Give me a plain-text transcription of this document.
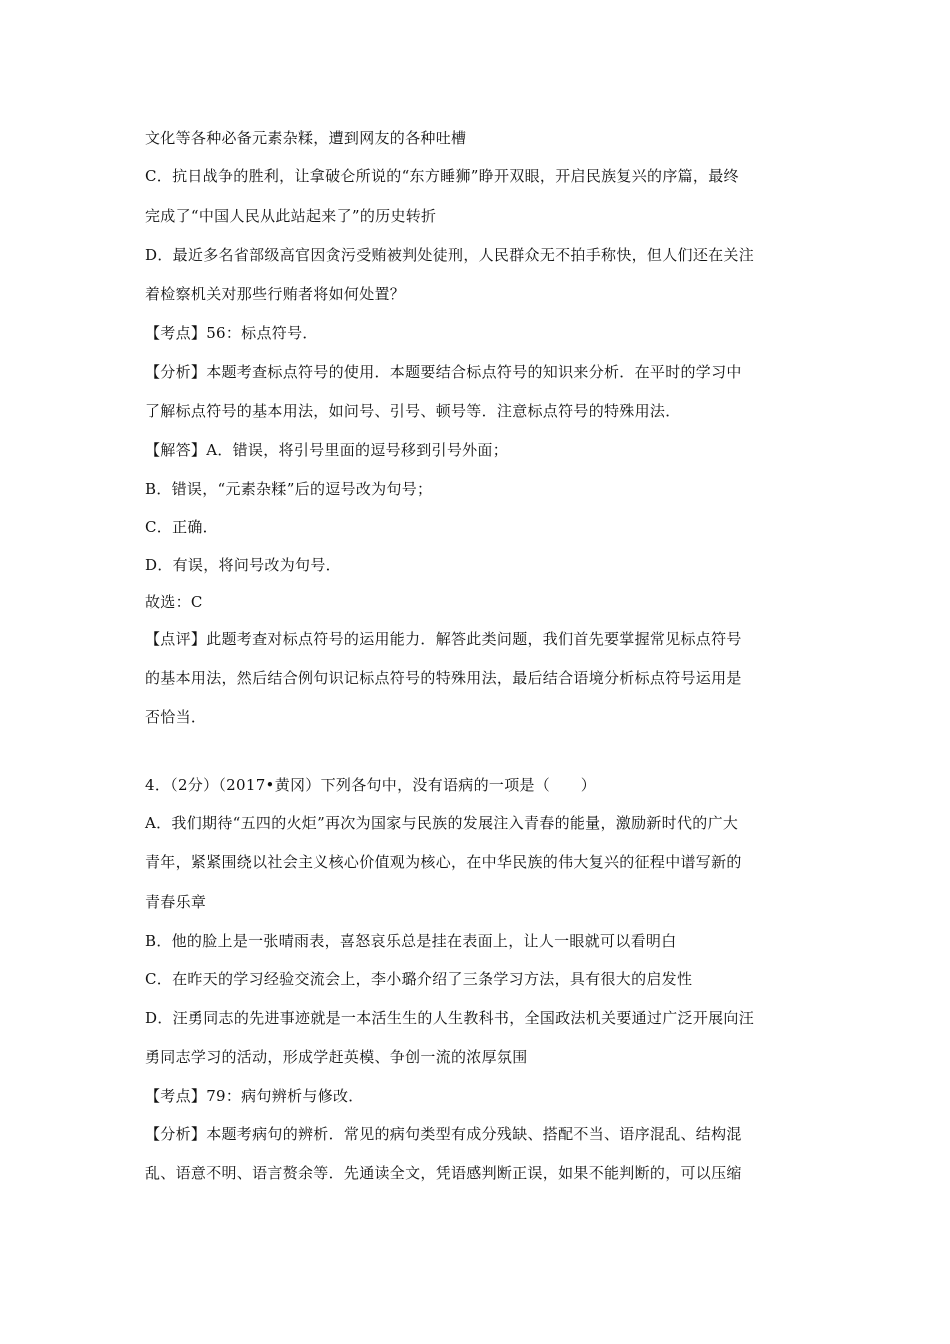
文化等各种必备元素杂糅，遭到网友的各种吐槽
C．抗日战争的胜利，让拿破仑所说的“东方睡狮”睁开双眼，开启民族复兴的序篇，最终
完成了“中国人民从此站起来了”的历史转折
D．最近多名省部级高官因贪污受贿被判处徒刑，人民群众无不拍手称快，但人们还在关注
着检察机关对那些行贿者将如何处置？
【考点】56：标点符号．
【分析】本题考查标点符号的使用．本题要结合标点符号的知识来分析．在平时的学习中
了解标点符号的基本用法，如问号、引号、顿号等．注意标点符号的特殊用法．
【解答】A．错误，将引号里面的逗号移到引号外面；
B．错误，“元素杂糅”后的逗号改为句号；
C．正确．
D．有误，将问号改为句号．
故选：C
【点评】此题考查对标点符号的运用能力．解答此类问题，我们首先要掌握常见标点符号
的基本用法，然后结合例句识记标点符号的特殊用法，最后结合语境分析标点符号运用是
否恰当．
4．（2分）（2017•黄冈）下列各句中，没有语病的一项是（　　）
A．我们期待“五四的火炬”再次为国家与民族的发展注入青春的能量，激励新时代的广大
青年，紧紧围绕以社会主义核心价值观为核心，在中华民族的伟大复兴的征程中谱写新的
青春乐章
B．他的脸上是一张晴雨表，喜怒哀乐总是挂在表面上，让人一眼就可以看明白
C．在昨天的学习经验交流会上，李小璐介绍了三条学习方法，具有很大的启发性
D．汪勇同志的先进事迹就是一本活生生的人生教科书，全国政法机关要通过广泛开展向汪
勇同志学习的活动，形成学赶英模、争创一流的浓厚氛围
【考点】79：病句辨析与修改．
【分析】本题考病句的辨析．常见的病句类型有成分残缺、搭配不当、语序混乱、结构混
乱、语意不明、语言赘余等．先通读全文，凭语感判断正误，如果不能判断的，可以压缩
